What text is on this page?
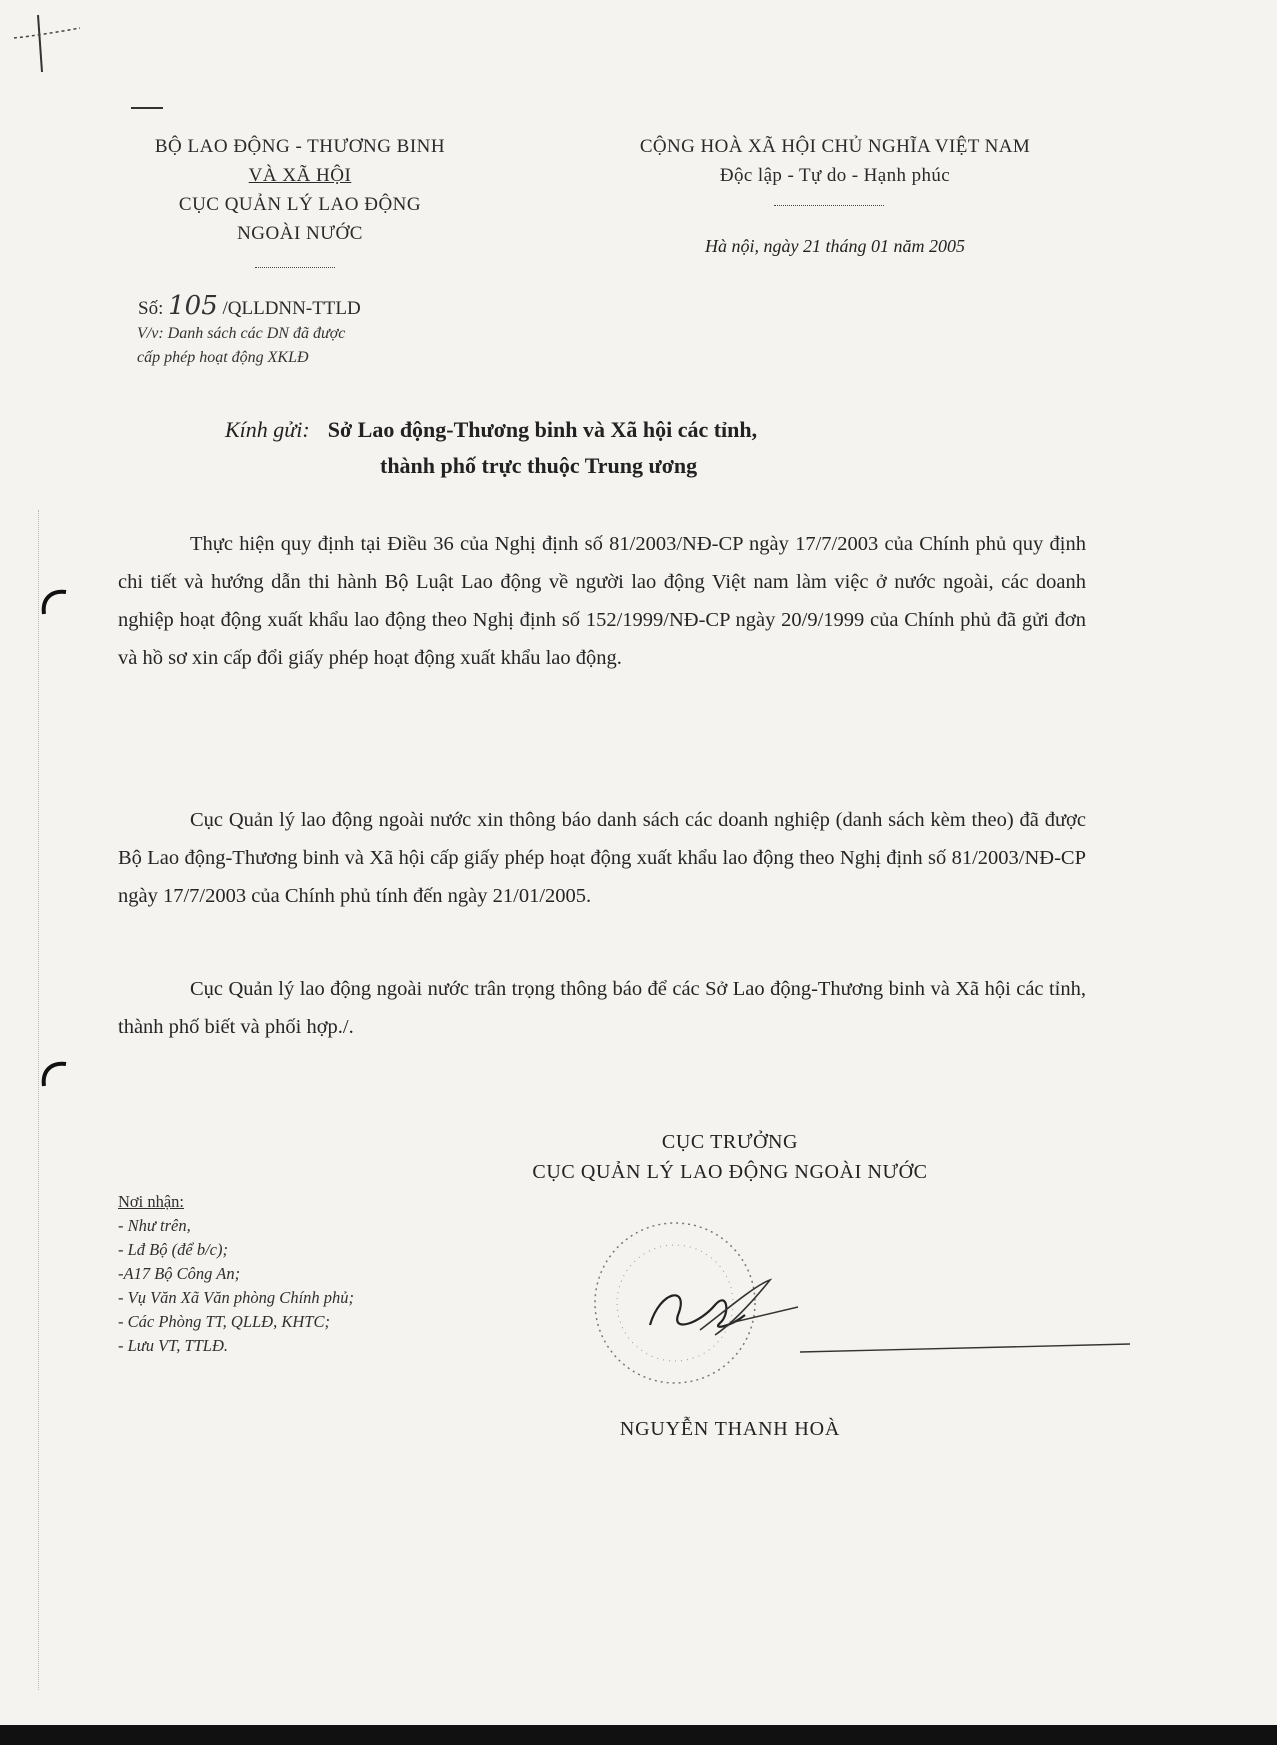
BỘ LAO ĐỘNG - THƯƠNG BINH
VÀ XÃ HỘI
CỤC QUẢN LÝ LAO ĐỘNG
NGOÀI NƯỚC
CỘNG HOÀ XÃ HỘI CHỦ NGHĨA VIỆT NAM
Độc lập - Tự do - Hạnh phúc
Hà nội, ngày 21 tháng 01 năm 2005
Số: 105 /QLLDNN-TTLD
V/v: Danh sách các DN đã được
cấp phép hoạt động XKLĐ
Kính gửi: Sở Lao động-Thương binh và Xã hội các tỉnh,
thành phố trực thuộc Trung ương
Thực hiện quy định tại Điều 36 của Nghị định số 81/2003/NĐ-CP ngày 17/7/2003 của Chính phủ quy định chi tiết và hướng dẫn thi hành Bộ Luật Lao động về người lao động Việt nam làm việc ở nước ngoài, các doanh nghiệp hoạt động xuất khẩu lao động theo Nghị định số 152/1999/NĐ-CP ngày 20/9/1999 của Chính phủ đã gửi đơn và hồ sơ xin cấp đổi giấy phép hoạt động xuất khẩu lao động.
Cục Quản lý lao động ngoài nước xin thông báo danh sách các doanh nghiệp (danh sách kèm theo) đã được Bộ Lao động-Thương binh và Xã hội cấp giấy phép hoạt động xuất khẩu lao động theo Nghị định số 81/2003/NĐ-CP ngày 17/7/2003 của Chính phủ tính đến ngày 21/01/2005.
Cục Quản lý lao động ngoài nước trân trọng thông báo để các Sở Lao động-Thương binh và Xã hội các tỉnh, thành phố biết và phối hợp./.
CỤC TRƯỞNG
CỤC QUẢN LÝ LAO ĐỘNG NGOÀI NƯỚC
NGUYỄN THANH HOÀ
Nơi nhận:
- Như trên,
- Lđ Bộ (để b/c);
-A17 Bộ Công An;
- Vụ Văn Xã Văn phòng Chính phủ;
- Các Phòng TT, QLLĐ, KHTC;
- Lưu VT, TTLĐ.
